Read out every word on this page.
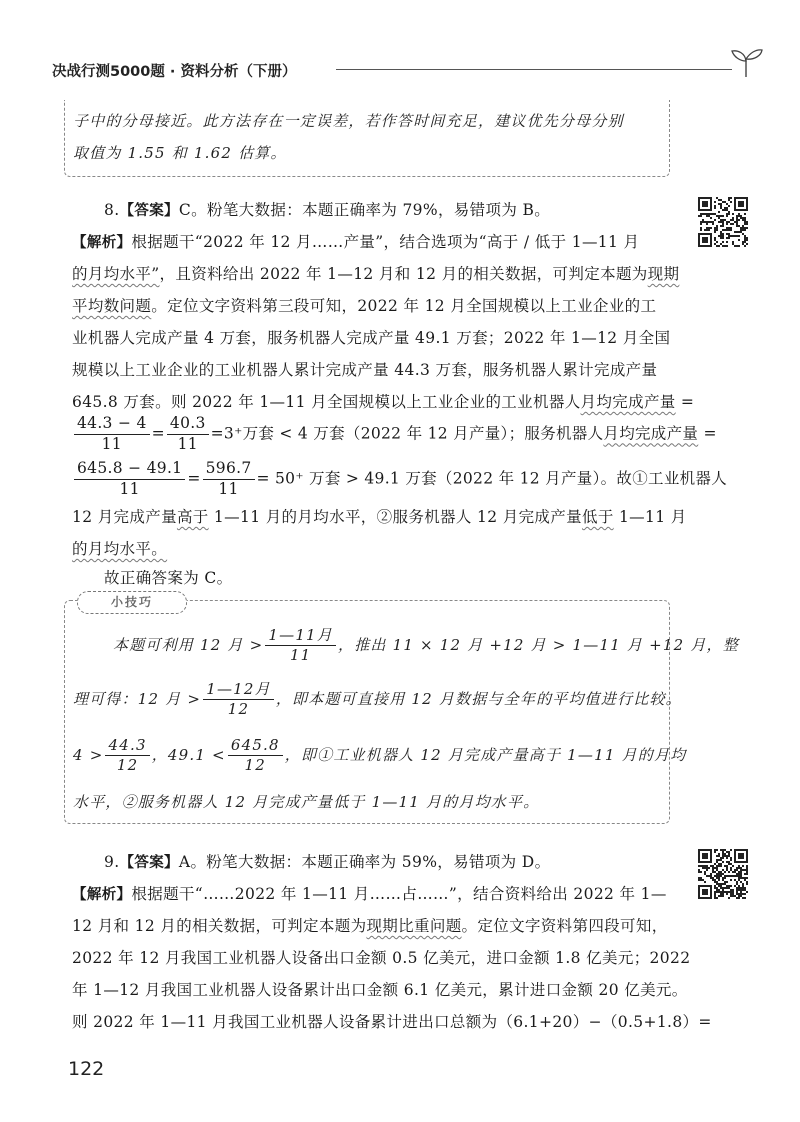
决战行测5000题 · 资料分析（下册）
子中的分母接近。此方法存在一定误差，若作答时间充足，建议优先分母分别
取值为 1.55 和 1.62 估算。
8.【答案】C。粉笔大数据：本题正确率为 79%，易错项为 B。
【解析】根据题干“2022 年 12 月……产量”，结合选项为“高于 / 低于 1—11 月
的月均水平”，且资料给出 2022 年 1—12 月和 12 月的相关数据，可判定本题为现期
平均数问题。定位文字资料第三段可知，2022 年 12 月全国规模以上工业企业的工
业机器人完成产量 4 万套，服务机器人完成产量 49.1 万套；2022 年 1—12 月全国
规模以上工业企业的工业机器人累计完成产量 44.3 万套，服务机器人累计完成产量
645.8 万套。则 2022 年 1—11 月全国规模以上工业企业的工业机器人月均完成产量 =
$\frac{44.3 - 4}{11} = \frac{40.3}{11} =3^+$万套 < 4 万套（2022 年 12 月产量）；服务机器人月均完成产量 =
$\frac{645.8 - 49.1}{11} = \frac{596.7}{11} = 50^+$ 万套 > 49.1 万套（2022 年 12 月产量）。故①工业机器人
12 月完成产量高于 1—11 月的月均水平，②服务机器人 12 月完成产量低于 1—11 月
的月均水平。
故正确答案为 C。
小技巧
本题可利用 12 月 > $\frac{\text{1—11月}}{11}$ ，推出 11 × 12 月 +12 月 > 1—11 月 +12 月，整
理可得：12 月 > $\frac{\text{1—12月}}{12}$ ，即本题可直接用 12 月数据与全年的平均值进行比较。
$4 > \frac{44.3}{12}$ ，$49.1 < \frac{645.8}{12}$ ，即①工业机器人 12 月完成产量高于 1—11 月的月均
水平，②服务机器人 12 月完成产量低于 1—11 月的月均水平。
9.【答案】A。粉笔大数据：本题正确率为 59%，易错项为 D。
【解析】根据题干“……2022 年 1—11 月……占……”，结合资料给出 2022 年 1—
12 月和 12 月的相关数据，可判定本题为现期比重问题。定位文字资料第四段可知，
2022 年 12 月我国工业机器人设备出口金额 0.5 亿美元，进口金额 1.8 亿美元；2022
年 1—12 月我国工业机器人设备累计出口金额 6.1 亿美元，累计进口金额 20 亿美元。
则 2022 年 1—11 月我国工业机器人设备累计进出口总额为（6.1+20）−（0.5+1.8）=
122
